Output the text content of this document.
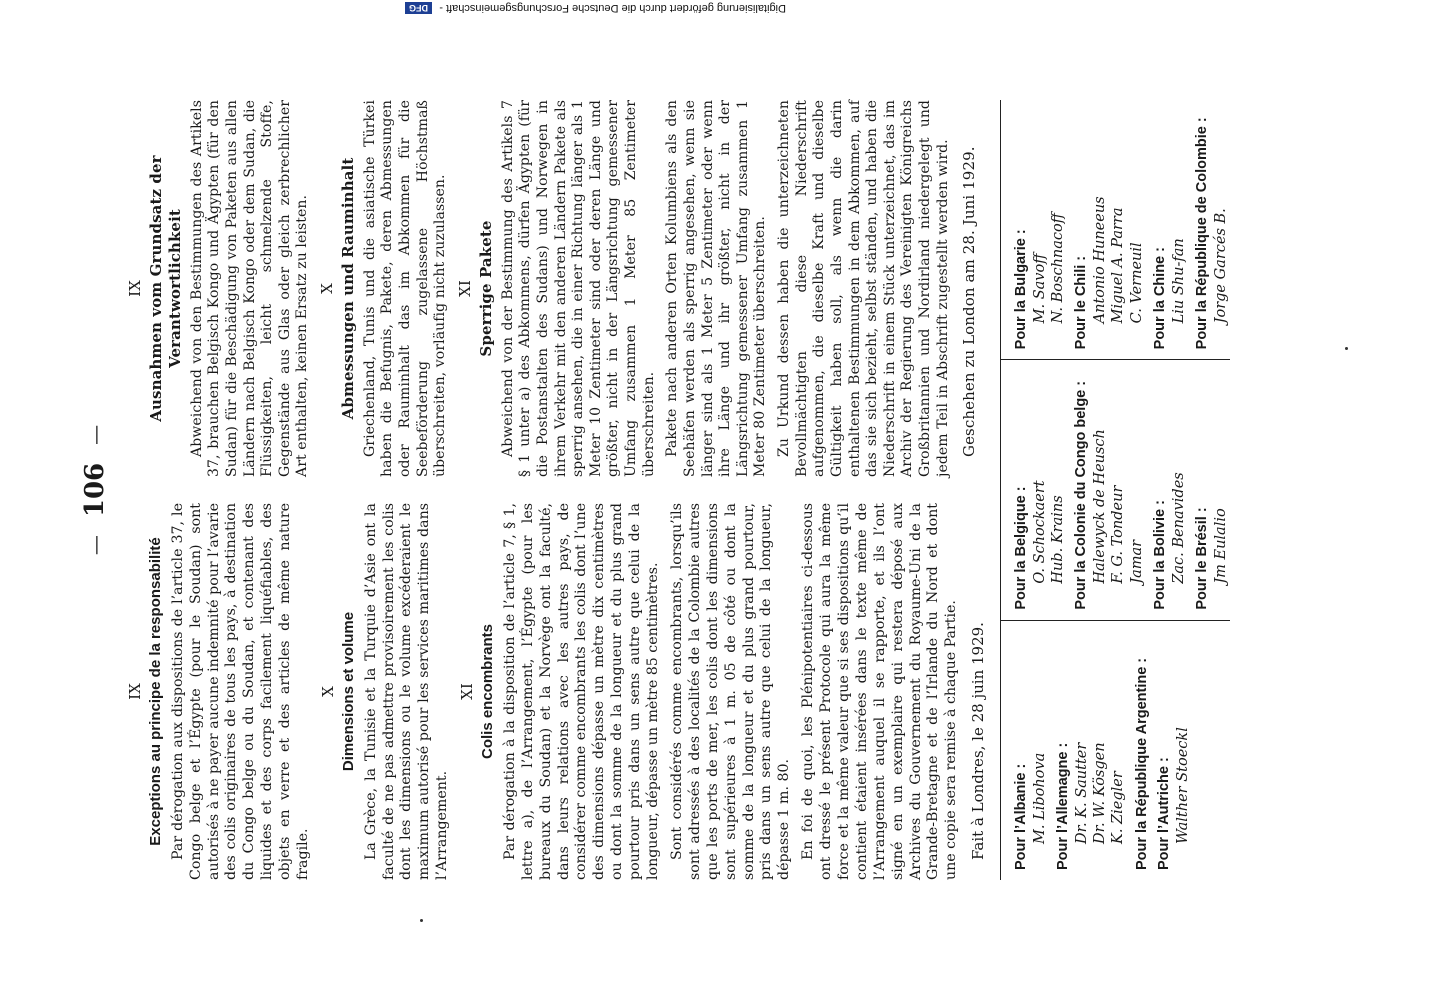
Digitalisierung gefördert durch die Deutsche Forschungsgemeinschaft - DFG
—
106
—
IX Exceptions au principe de la responsabilité Par dérogation aux dispositions de l’article 37, le Congo belge et l’Égypte (pour le Soudan) sont autorisés à ne payer aucune indemnité pour l’avarie des colis originaires de tous les pays, à destination du Congo belge ou du Soudan, et contenant des liquides et des corps facilement liquéfiables, des objets en verre et des articles de même nature fragile.

X Dimensions et volume La Grèce, la Tunisie et la Turquie d’Asie ont la faculté de ne pas admettre provisoirement les colis dont les dimensions ou le volume excéderaient le maximum autorisé pour les services maritimes dans l’Arrangement.

XI Colis encombrants Par dérogation à la disposition de l’article 7, § 1, lettre a), de l’Arrangement, l’Égypte (pour les bureaux du Soudan) et la Norvège ont la faculté, dans leurs relations avec les autres pays, de considérer comme encombrants les colis dont l’une des dimensions dépasse un mètre dix centimètres ou dont la somme de la longueur et du plus grand pourtour pris dans un sens autre que celui de la longueur, dépasse un mètre 85 centimètres. Sont considérés comme encombrants, lorsqu’ils sont adressés à des localités de la Colombie autres que les ports de mer, les colis dont les dimensions sont supérieures à 1 m. 05 de côté ou dont la somme de la longueur et du plus grand pourtour, pris dans un sens autre que celui de la longueur, dépasse 1 m. 80. En foi de quoi, les Plénipotentiaires ci-dessous ont dressé le présent Protocole qui aura la même force et la même valeur que si ses dispositions qu’il contient étaient insérées dans le texte même de l’Arrangement auquel il se rapporte, et ils l’ont signé en un exemplaire qui restera déposé aux Archives du Gouvernement du Royaume-Uni de la Grande-Bretagne et de l’Irlande du Nord et dont une copie sera remise à chaque Partie. Fait à Londres, le 28 juin 1929.
IX Ausnahmen vom Grundsatz der Verantwortlichkeit Abweichend von den Bestimmungen des Artikels 37, brauchen Belgisch Kongo und Ägypten (für den Sudan) für die Beschädigung von Paketen aus allen Ländern nach Belgisch Kongo oder dem Sudan, die Flüssigkeiten, leicht schmelzende Stoffe, Gegenstände aus Glas oder gleich zerbrechlicher Art enthalten, keinen Ersatz zu leisten. X Abmessungen und Rauminhalt Griechenland, Tunis und die asiatische Türkei haben die Befugnis, Pakete, deren Abmessungen oder Rauminhalt das im Abkommen für die Seebeförderung zugelassene Höchstmaß überschreiten, vorläufig nicht zuzulassen. XI Sperrige Pakete Abweichend von der Bestimmung des Artikels 7 § 1 unter a) des Abkommens, dürfen Ägypten (für die Postanstalten des Sudans) und Norwegen in ihrem Verkehr mit den anderen Ländern Pakete als sperrig ansehen, die in einer Richtung länger als 1 Meter 10 Zentimeter sind oder deren Länge und größter, nicht in der Längsrichtung gemessener Umfang zusammen 1 Meter 85 Zentimeter überschreiten. Pakete nach anderen Orten Kolumbiens als den Seehäfen werden als sperrig angesehen, wenn sie länger sind als 1 Meter 5 Zentimeter oder wenn ihre Länge und ihr größter, nicht in der Längsrichtung gemessener Umfang zusammen 1 Meter 80 Zentimeter überschreiten. Zu Urkund dessen haben die unterzeichneten Bevollmächtigten diese Niederschrift aufgenommen, die dieselbe Kraft und dieselbe Gültigkeit haben soll, als wenn die darin enthaltenen Bestimmungen in dem Abkommen, auf das sie sich bezieht, selbst ständen, und haben die Niederschrift in einem Stück unterzeichnet, das im Archiv der Regierung des Vereinigten Königreichs Großbritannien und Nordirland niedergelegt und jedem Teil in Abschrift zugestellt werden wird. Geschehen zu London am 28. Juni 1929.
Pour l’Albanie : M. Libohova Pour l’Allemagne : Dr. K. Sautter Dr. W. Kösgen K. Ziegler Pour la République Argentine : Pour l’Autriche : Walther Stoeckl
Pour la Belgique : O. Schockaert Hub. Krains Pour la Colonie du Congo belge : Halewyck de Heusch F. G. Tondeur Jamar Pour la Bolivie : Zac. Benavides Pour le Brésil : Jm Eulalio
Pour la Bulgarie : M. Savoff N. Boschnacoff Pour le Chili : Antonio Huneeus Miguel A. Parra C. Verneuil Pour la Chine : Liu Shu-fan Pour la République de Colombie : Jorge Garcés B.
